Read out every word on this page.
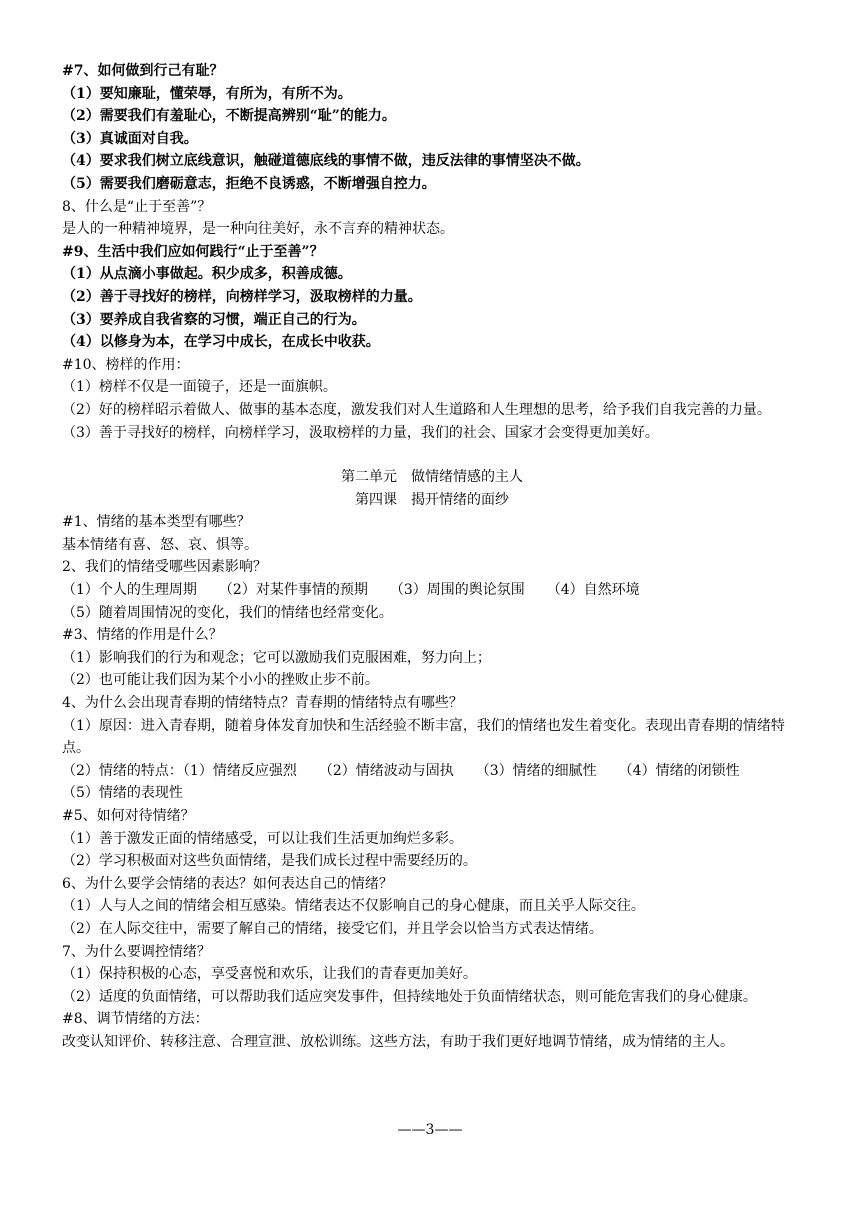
#7、如何做到行己有耻？
（1）要知廉耻，懂荣辱，有所为，有所不为。
（2）需要我们有羞耻心，不断提高辨别“耻”的能力。
（3）真诚面对自我。
（4）要求我们树立底线意识，触碰道德底线的事情不做，违反法律的事情坚决不做。
（5）需要我们磨砺意志，拒绝不良诱惑，不断增强自控力。
8、什么是“止于至善”？
是人的一种精神境界，是一种向往美好，永不言弃的精神状态。
#9、生活中我们应如何践行“止于至善”？
（1）从点滴小事做起。积少成多，积善成德。
（2）善于寻找好的榜样，向榜样学习，汲取榜样的力量。
（3）要养成自我省察的习惯，端正自己的行为。
（4）以修身为本，在学习中成长，在成长中收获。
#10、榜样的作用：
（1）榜样不仅是一面镜子，还是一面旗帜。
（2）好的榜样昭示着做人、做事的基本态度，激发我们对人生道路和人生理想的思考，给予我们自我完善的力量。
（3）善于寻找好的榜样，向榜样学习，汲取榜样的力量，我们的社会、国家才会变得更加美好。
第二单元　做情绪情感的主人
第四课　揭开情绪的面纱
#1、情绪的基本类型有哪些？
基本情绪有喜、怒、哀、惧等。
2、我们的情绪受哪些因素影响？
（1）个人的生理周期 （2）对某件事情的预期 （3）周围的舆论氛围 （4）自然环境
（5）随着周围情况的变化，我们的情绪也经常变化。
#3、情绪的作用是什么？
（1）影响我们的行为和观念；它可以激励我们克服困难，努力向上；
（2）也可能让我们因为某个小小的挫败止步不前。
4、为什么会出现青春期的情绪特点？青春期的情绪特点有哪些？
（1）原因：进入青春期，随着身体发育加快和生活经验不断丰富，我们的情绪也发生着变化。表现出青春期的情绪特点。
（2）情绪的特点：（1）情绪反应强烈 （2）情绪波动与固执 （3）情绪的细腻性 （4）情绪的闭锁性
（5）情绪的表现性
#5、如何对待情绪？
（1）善于激发正面的情绪感受，可以让我们生活更加绚烂多彩。
（2）学习积极面对这些负面情绪，是我们成长过程中需要经历的。
6、为什么要学会情绪的表达？如何表达自己的情绪？
（1）人与人之间的情绪会相互感染。情绪表达不仅影响自己的身心健康，而且关乎人际交往。
（2）在人际交往中，需要了解自己的情绪，接受它们，并且学会以恰当方式表达情绪。
7、为什么要调控情绪？
（1）保持积极的心态，享受喜悦和欢乐，让我们的青春更加美好。
（2）适度的负面情绪，可以帮助我们适应突发事件，但持续地处于负面情绪状态，则可能危害我们的身心健康。
#8、调节情绪的方法：
改变认知评价、转移注意、合理宣泄、放松训练。这些方法，有助于我们更好地调节情绪，成为情绪的主人。
——3——
